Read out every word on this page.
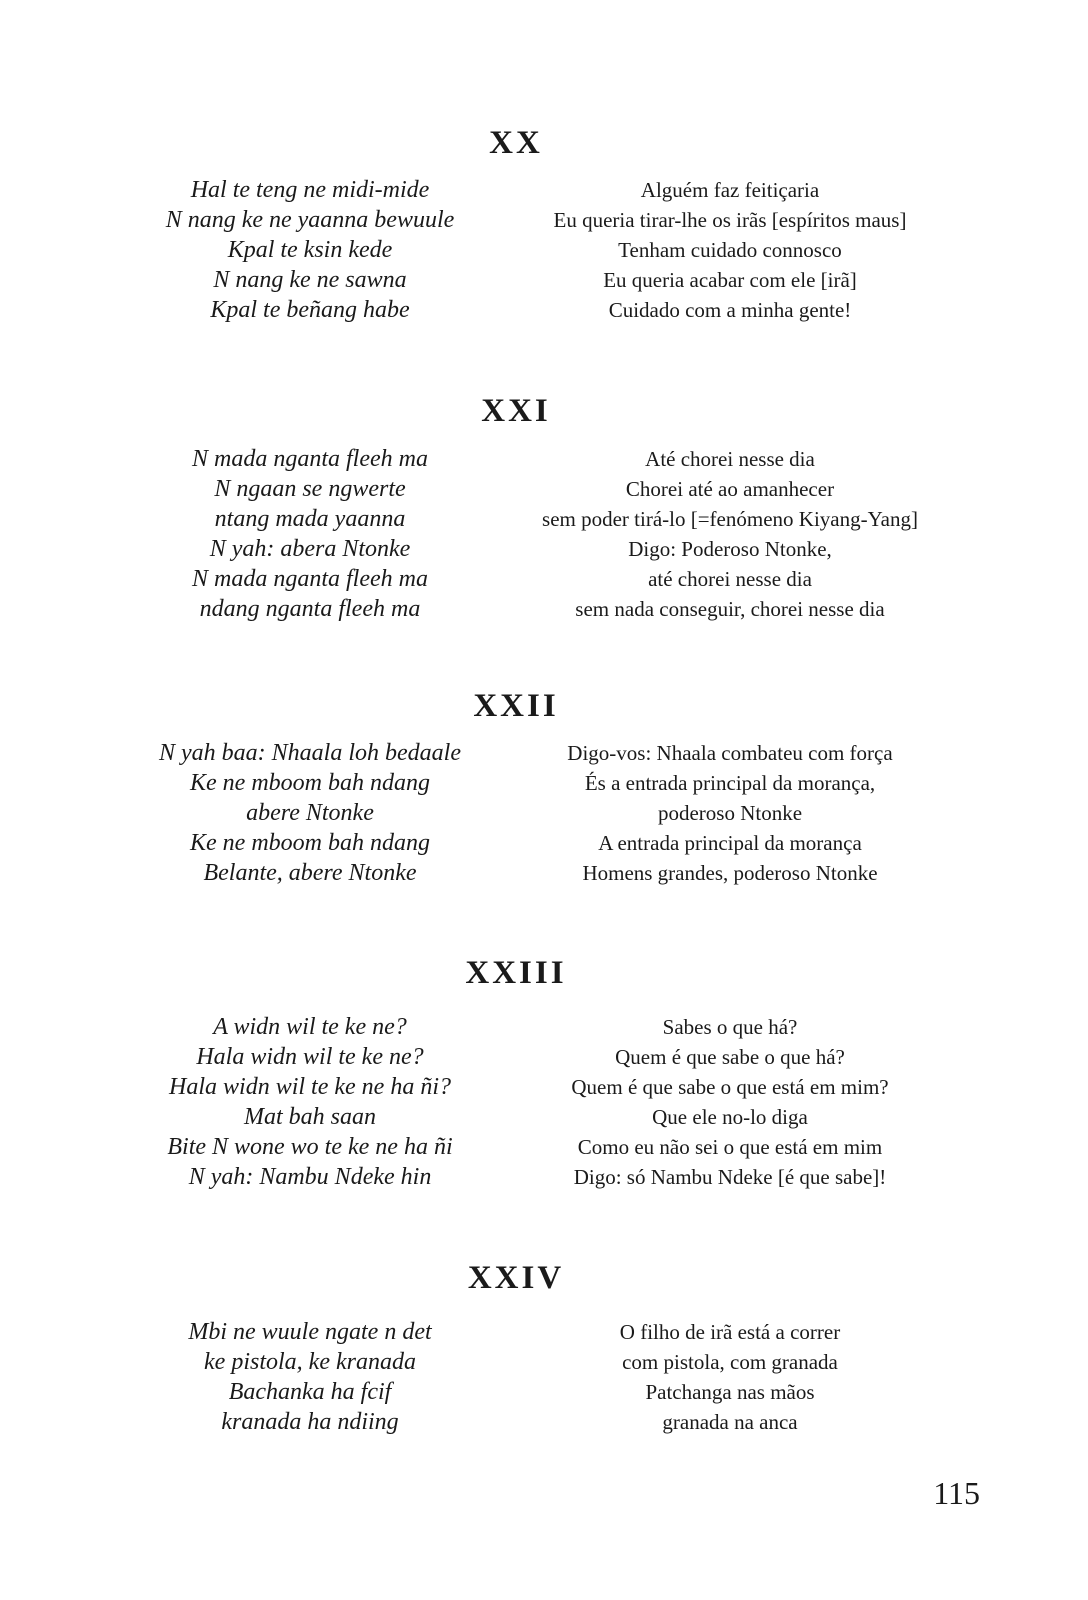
XX
Hal te teng ne midi-mide
N nang ke ne yaanna bewuule
Kpal te ksin kede
N nang ke ne sawna
Kpal te beñang habe
Alguém faz feitiçaria
Eu queria tirar-lhe os irãs [espíritos maus]
Tenham cuidado connosco
Eu queria acabar com ele [irã]
Cuidado com a minha gente!
XXI
N mada nganta fleeh ma
N ngaan se ngwerte
ntang mada yaanna
N yah: abera Ntonke
N mada nganta fleeh ma
ndang nganta fleeh ma
Até chorei nesse dia
Chorei até ao amanhecer
sem poder tirá-lo [=fenómeno Kiyang-Yang]
Digo: Poderoso Ntonke,
até chorei nesse dia
sem nada conseguir, chorei nesse dia
XXII
N yah baa: Nhaala loh bedaale
Ke ne mboom bah ndang
abere Ntonke
Ke ne mboom bah ndang
Belante, abere Ntonke
Digo-vos: Nhaala combateu com força
És a entrada principal da morança,
poderoso Ntonke
A entrada principal da morança
Homens grandes, poderoso Ntonke
XXIII
A widn wil te ke ne?
Hala widn wil te ke ne?
Hala widn wil te ke ne ha ñi?
Mat bah saan
Bite N wone wo te ke ne ha ñi
N yah: Nambu Ndeke hin
Sabes o que há?
Quem é que sabe o que há?
Quem é que sabe o que está em mim?
Que ele no-lo diga
Como eu não sei o que está em mim
Digo: só Nambu Ndeke [é que sabe]!
XXIV
Mbi ne wuule ngate n det
ke pistola, ke kranada
Bachanka ha fcif
kranada ha ndiing
O filho de irã está a correr
com pistola, com granada
Patchanga nas mãos
granada na anca
115
